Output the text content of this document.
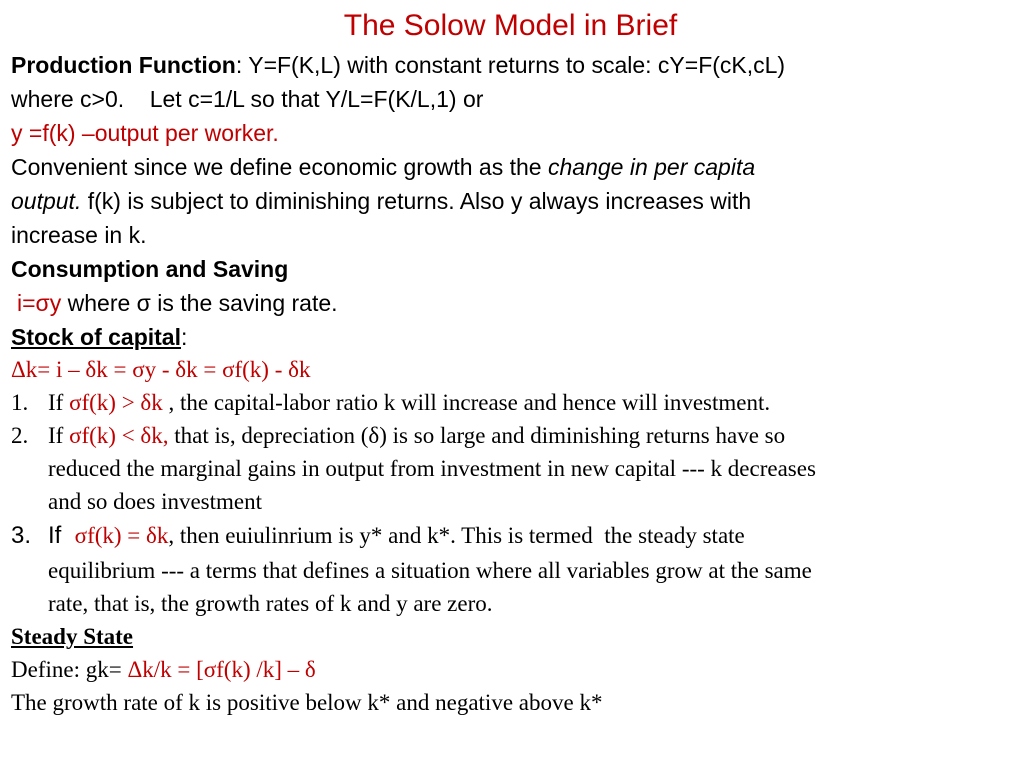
The Solow Model in Brief
Production Function: Y=F(K,L) with constant returns to scale: cY=F(cK,cL)
where c>0.    Let c=1/L so that Y/L=F(K/L,1) or
y =f(k) –output per worker.
Convenient since we define economic growth as the change in per capita
output. f(k) is subject to diminishing returns. Also y always increases with
increase in k.
Consumption and Saving
i=σy where σ is the saving rate.
Stock of capital:
Δk= i – δk = σy - δk = σf(k) - δk
1. If σf(k) > δk , the capital-labor ratio k will increase and hence will investment.
2. If σf(k) < δk, that is, depreciation (δ) is so large and diminishing returns have so
reduced the marginal gains in output from investment in new capital --- k decreases
and so does investment
3. If  σf(k) = δk, then euiulinrium is y* and k*. This is termed  the steady state
equilibrium --- a terms that defines a situation where all variables grow at the same
rate, that is, the growth rates of k and y are zero.
Steady State
Define: gk= Δk/k = [σf(k) /k] – δ
The growth rate of k is positive below k* and negative above k*
